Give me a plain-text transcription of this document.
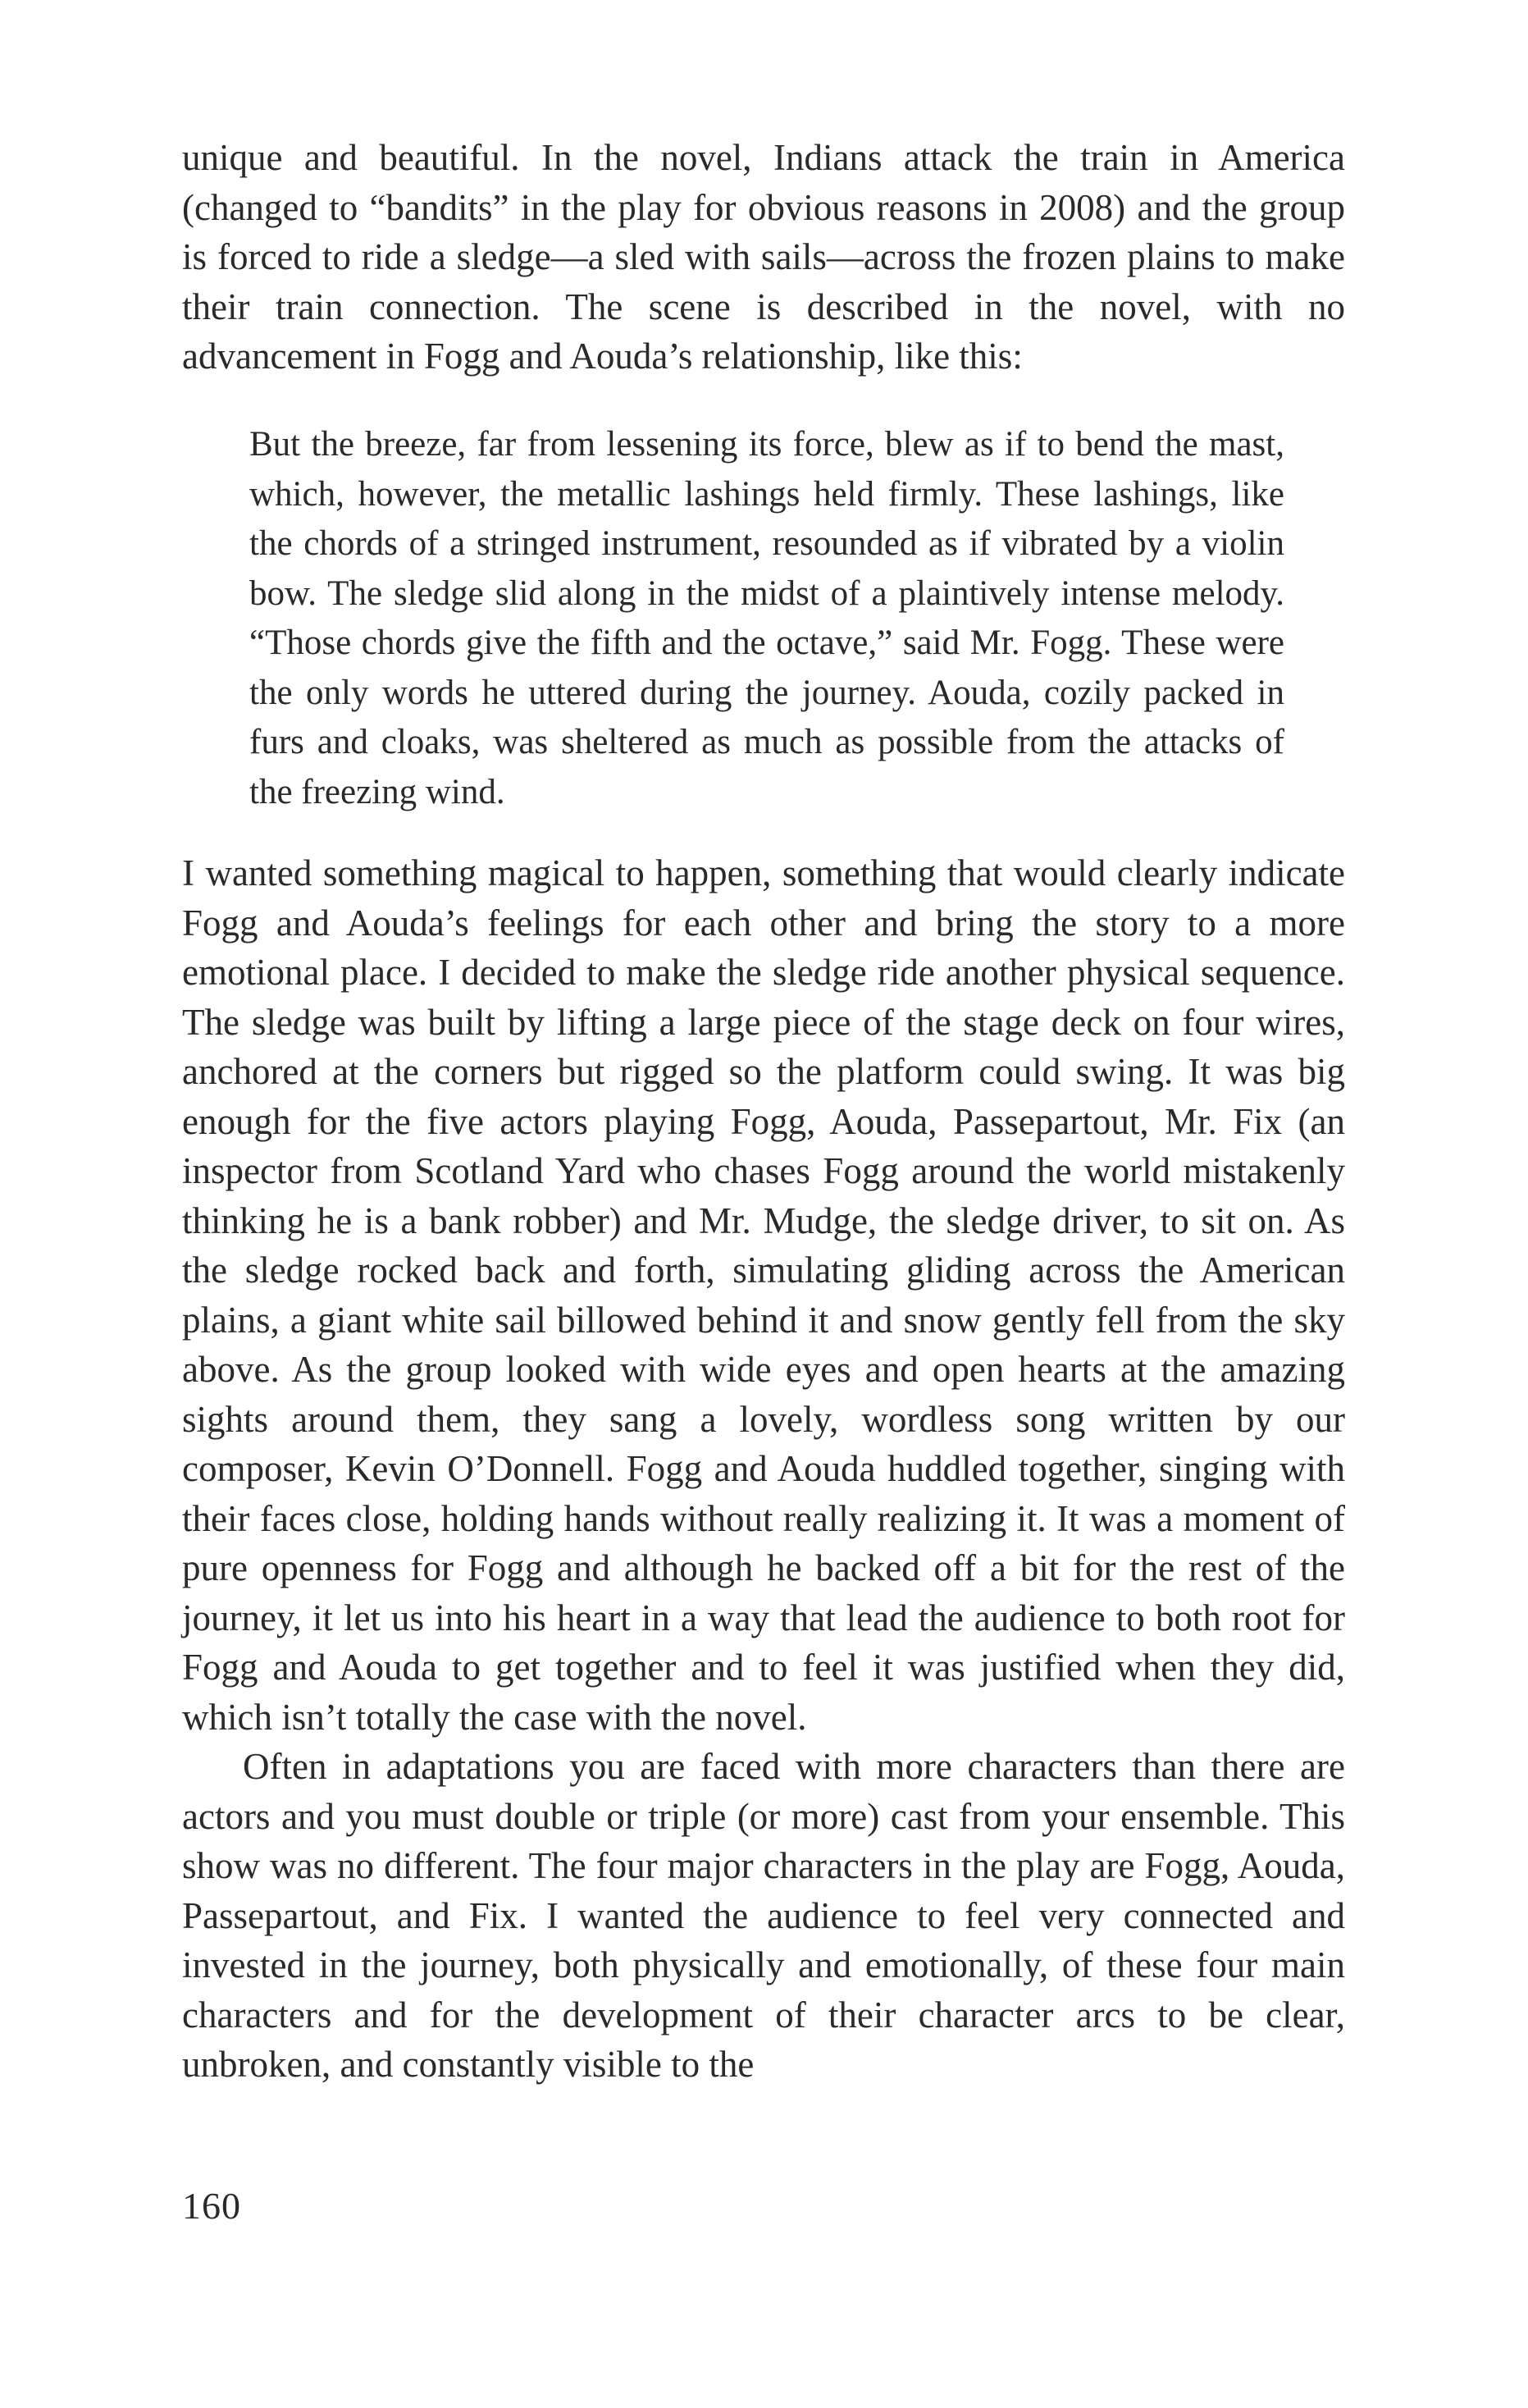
unique and beautiful. In the novel, Indians attack the train in America (changed to “bandits” in the play for obvious reasons in 2008) and the group is forced to ride a sledge—a sled with sails—across the frozen plains to make their train connection. The scene is described in the novel, with no advancement in Fogg and Aouda’s relationship, like this:

But the breeze, far from lessening its force, blew as if to bend the mast, which, however, the metallic lashings held firmly. These lashings, like the chords of a stringed instrument, resounded as if vibrated by a violin bow. The sledge slid along in the midst of a plaintively intense melody. “Those chords give the fifth and the octave,” said Mr. Fogg. These were the only words he uttered during the journey. Aouda, cozily packed in furs and cloaks, was sheltered as much as possible from the attacks of the freezing wind.

I wanted something magical to happen, something that would clearly indicate Fogg and Aouda’s feelings for each other and bring the story to a more emotional place. I decided to make the sledge ride another physical sequence. The sledge was built by lifting a large piece of the stage deck on four wires, anchored at the corners but rigged so the platform could swing. It was big enough for the five actors playing Fogg, Aouda, Passepartout, Mr. Fix (an inspector from Scotland Yard who chases Fogg around the world mistakenly thinking he is a bank robber) and Mr. Mudge, the sledge driver, to sit on. As the sledge rocked back and forth, simulating gliding across the American plains, a giant white sail billowed behind it and snow gently fell from the sky above. As the group looked with wide eyes and open hearts at the amazing sights around them, they sang a lovely, wordless song written by our composer, Kevin O’Donnell. Fogg and Aouda huddled together, singing with their faces close, holding hands without really realizing it. It was a moment of pure openness for Fogg and although he backed off a bit for the rest of the journey, it let us into his heart in a way that lead the audience to both root for Fogg and Aouda to get together and to feel it was justified when they did, which isn’t totally the case with the novel.

Often in adaptations you are faced with more characters than there are actors and you must double or triple (or more) cast from your ensemble. This show was no different. The four major characters in the play are Fogg, Aouda, Passepartout, and Fix. I wanted the audience to feel very connected and invested in the journey, both physically and emotionally, of these four main characters and for the development of their character arcs to be clear, unbroken, and constantly visible to the

160
